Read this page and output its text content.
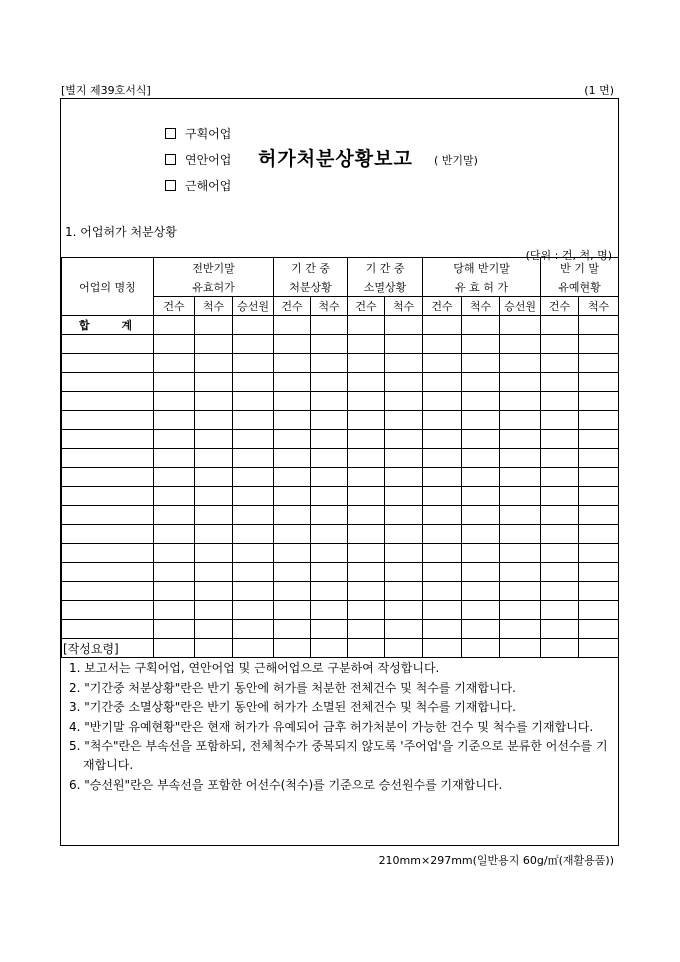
[별지 제39호서식]	(1 면)
구획어업
연안어업
근해어업
허가처분상황보고 ( 반기말)
1. 어업허가 처분상황
(단위 : 건, 척, 명)
	전반기말			기 간 중		기 간 중		당해 반기말			반 기 말	
어업의 명칭	유효허가			처분상황		소멸상황		유 효 허 가			유예현황	
	건수	척수	승선원	건수	척수	건수	척수	건수	척수	승선원	건수	척수
합 계												

[작성요령]

1. 보고서는 구획어업, 연안어업 및 근해어업으로 구분하여 작성합니다.

2. "기간중 처분상황"란은 반기 동안에 허가를 처분한 전체건수 및 척수를 기재합니다.

3. "기간중 소멸상황"란은 반기 동안에 허가가 소멸된 전체건수 및 척수를 기재합니다.

4. "반기말 유예현황"란은 현재 허가가 유예되어 금후 허가처분이 가능한 건수 및 척수를 기재합니다.

5. "척수"란은 부속선을 포함하되, 전체척수가 중복되지 않도록 '주어업'을 기준으로 분류한 어선수를 기재합니다.

6. "승선원"란은 부속선을 포함한 어선수(척수)를 기준으로 승선원수를 기재합니다.

210mm×297mm(일반용지 60g/㎡(재활용품))
